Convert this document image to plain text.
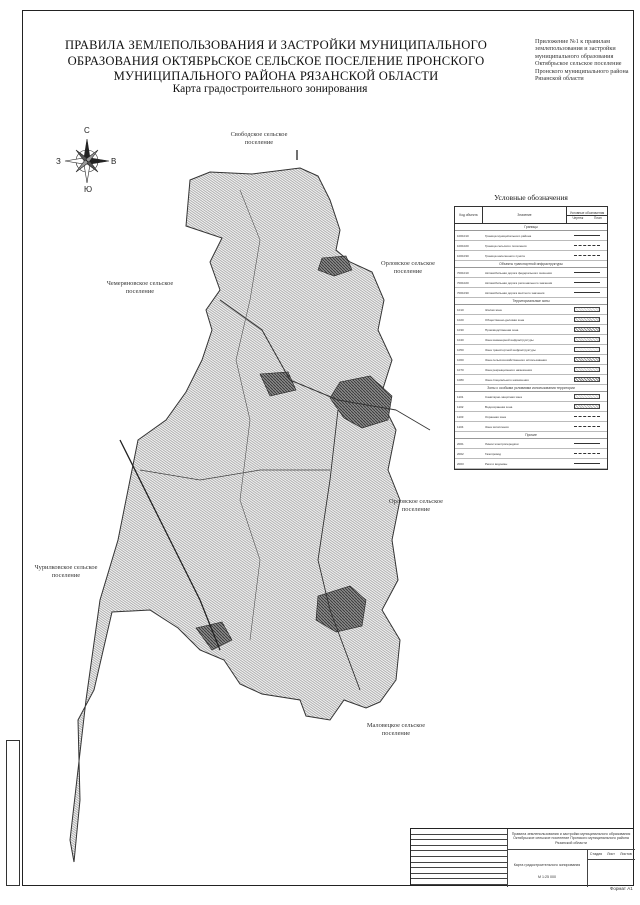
ПРАВИЛА ЗЕМЛЕПОЛЬЗОВАНИЯ И ЗАСТРОЙКИ МУНИЦИПАЛЬНОГО ОБРАЗОВАНИЯ ОКТЯБРЬСКОЕ СЕЛЬСКОЕ ПОСЕЛЕНИЕ ПРОНСКОГО МУНИЦИПАЛЬНОГО РАЙОНА РЯЗАНСКОЙ ОБЛАСТИ
Карта градостроительного зонирования
Приложение №1 к правилам землепользования и застройки муниципального образования Октябрьское сельское поселение Пронского муниципального района Рязанской области
С
Ю
З	В
Свободское сельское поселение
Орловское сельское поселение
Чемеряновское сельское поселение
Орловское сельское поселение
Чурилковское сельское поселение
Маловецкое сельское поселение
Условные обозначения
Код объекта	Значение
Условные обозначения
Чертеж	План
Границы
1001010	Граница муниципального района
1001020	Граница сельского поселения
1001030	Граница населенного пункта
Объекты транспортной инфраструктуры
7001010	Автомобильная дорога федерального значения
7001020	Автомобильная дорога регионального значения
7001030	Автомобильная дорога местного значения
Территориальные зоны
1010	Жилая зона
1020	Общественно-деловая зона
1030	Производственная зона
1040	Зона инженерной инфраструктуры
1050	Зона транспортной инфраструктуры
1060	Зона сельскохозяйственного использования
1070	Зона рекреационного назначения
1080	Зона специального назначения
Зоны с особыми условиями использования территории
1101	Санитарно-защитная зона
1102	Водоохранная зона
1103	Охранная зона
1104	Зона затопления
Прочие
2001	Линии электропередачи
2002	Газопровод
2003	Реки и водоемы
Правила землепользования и застройки муниципального образования Октябрьское сельское поселение Пронского муниципального района Рязанской области
Карта градостроительного зонирования
М 1:25 000
Стадия	Лист	Листов
Формат А1
